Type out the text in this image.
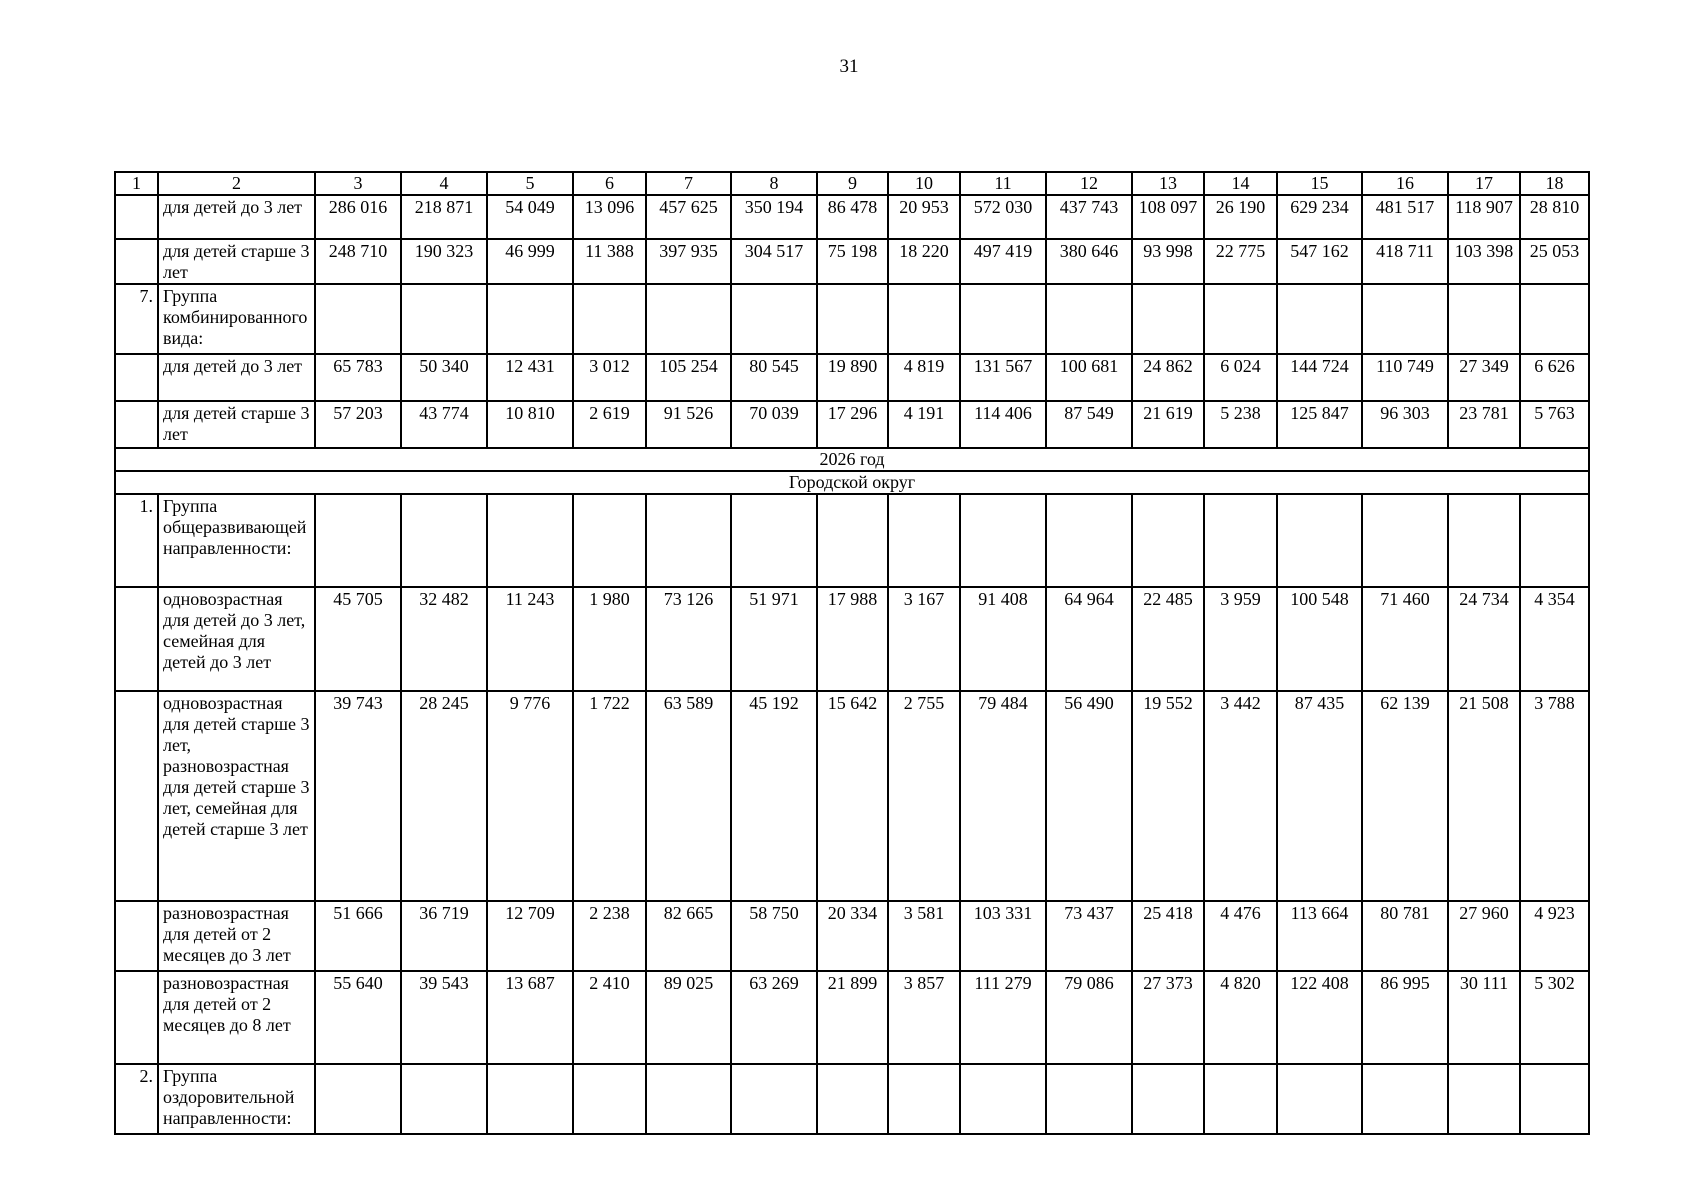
31
1	2	3	4	5	6	7	8	9	10	11	12	13	14	15	16	17	18
	для детей до 3 лет	286 016	218 871	54 049	13 096	457 625	350 194	86 478	20 953	572 030	437 743	108 097	26 190	629 234	481 517	118 907	28 810
	для детей старше 3 лет	248 710	190 323	46 999	11 388	397 935	304 517	75 198	18 220	497 419	380 646	93 998	22 775	547 162	418 711	103 398	25 053
7.	Группа комбинированного вида:																
	для детей до 3 лет	65 783	50 340	12 431	3 012	105 254	80 545	19 890	4 819	131 567	100 681	24 862	6 024	144 724	110 749	27 349	6 626
	для детей старше 3 лет	57 203	43 774	10 810	2 619	91 526	70 039	17 296	4 191	114 406	87 549	21 619	5 238	125 847	96 303	23 781	5 763
2026 год																	
Городской округ																	
1.	Группа общеразвивающей направленности:																
	одновозрастная для детей до 3 лет, семейная для детей до 3 лет	45 705	32 482	11 243	1 980	73 126	51 971	17 988	3 167	91 408	64 964	22 485	3 959	100 548	71 460	24 734	4 354
	одновозрастная для детей старше 3 лет, разновозрастная для детей старше 3 лет, семейная для детей старше 3 лет	39 743	28 245	9 776	1 722	63 589	45 192	15 642	2 755	79 484	56 490	19 552	3 442	87 435	62 139	21 508	3 788
	разновозрастная для детей от 2 месяцев до 3 лет	51 666	36 719	12 709	2 238	82 665	58 750	20 334	3 581	103 331	73 437	25 418	4 476	113 664	80 781	27 960	4 923
	разновозрастная для детей от 2 месяцев до 8 лет	55 640	39 543	13 687	2 410	89 025	63 269	21 899	3 857	111 279	79 086	27 373	4 820	122 408	86 995	30 111	5 302
2.	Группа оздоровительной направленности:																
